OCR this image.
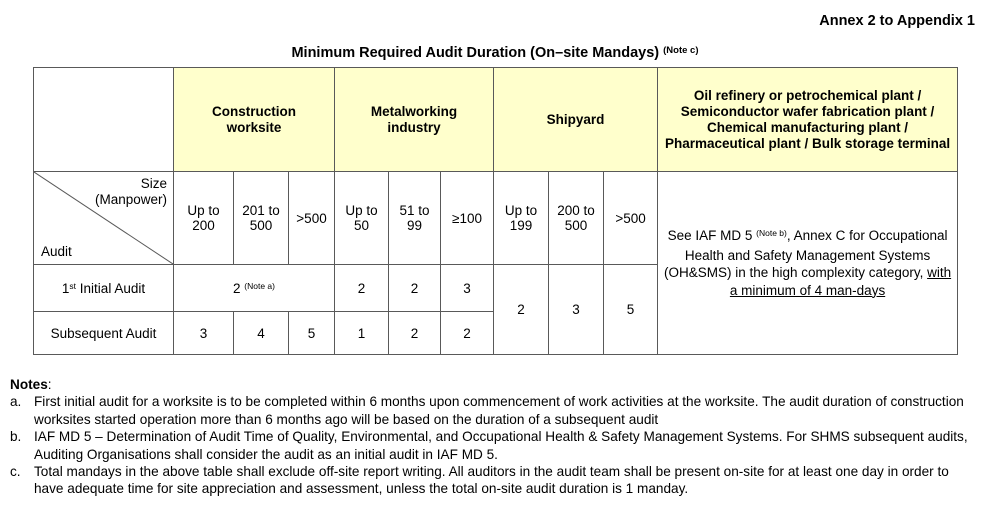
Annex 2 to Appendix 1
Minimum Required Audit Duration (On–site Mandays) $^{(Note c)}$

	Construction worksite			Metalworking industry			Shipyard			Oil refinery or petrochemical plant / Semiconductor wafer fabrication plant / Chemical manufacturing plant / Pharmaceutical plant / Bulk storage terminal

Size (Manpower)
Audit	Up to 200	201 to 500	>500	Up to 50	51 to 99	≥100	Up to 199	200 to 500	>500	See IAF MD 5 $^{(Note b)}$, Annex C for Occupational Health and Safety Management Systems (OH&SMS) in the high complexity category, with a minimum of 4 man-days
1st Initial Audit	2 $^{(Note a)}$			2	2	3	2	3	5	
Subsequent Audit	3	4	5	1	2	2				
Notes:
a. First initial audit for a worksite is to be completed within 6 months upon commencement of work activities at the worksite. The audit duration of construction worksites started operation more than 6 months ago will be based on the duration of a subsequent audit
b. IAF MD 5 – Determination of Audit Time of Quality, Environmental, and Occupational Health & Safety Management Systems. For SHMS subsequent audits, Auditing Organisations shall consider the audit as an initial audit in IAF MD 5.
c. Total mandays in the above table shall exclude off-site report writing. All auditors in the audit team shall be present on-site for at least one day in order to have adequate time for site appreciation and assessment, unless the total on-site audit duration is 1 manday.
